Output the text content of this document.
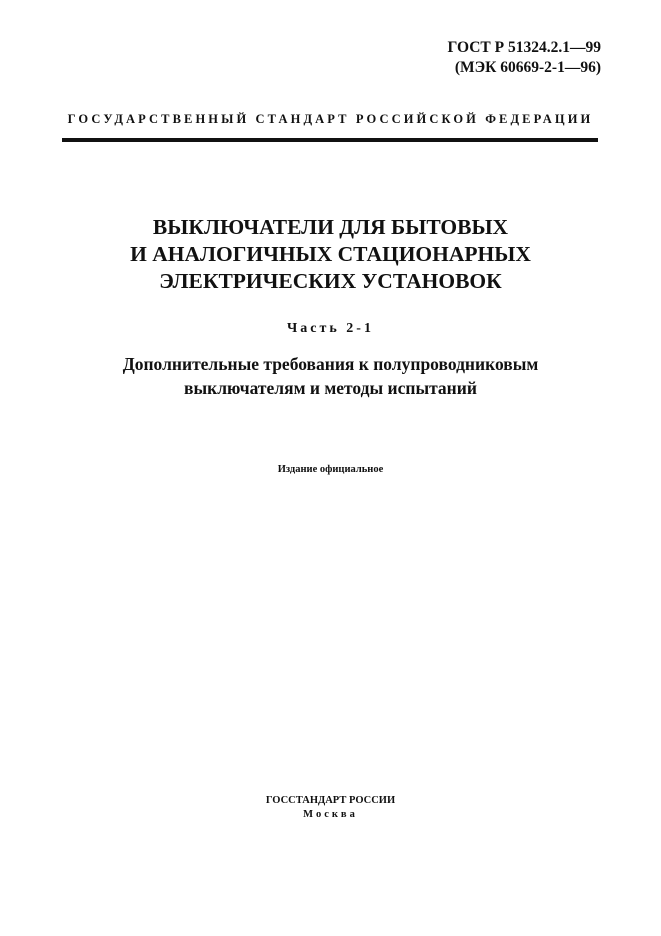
ГОСТ Р 51324.2.1—99
(МЭК 60669-2-1—96)
ГОСУДАРСТВЕННЫЙ СТАНДАРТ РОССИЙСКОЙ ФЕДЕРАЦИИ
ВЫКЛЮЧАТЕЛИ ДЛЯ БЫТОВЫХ
И АНАЛОГИЧНЫХ СТАЦИОНАРНЫХ
ЭЛЕКТРИЧЕСКИХ УСТАНОВОК
Часть 2-1
Дополнительные требования к полупроводниковым
выключателям и методы испытаний
Издание официальное
ГОССТАНДАРТ РОССИИ
Москва
